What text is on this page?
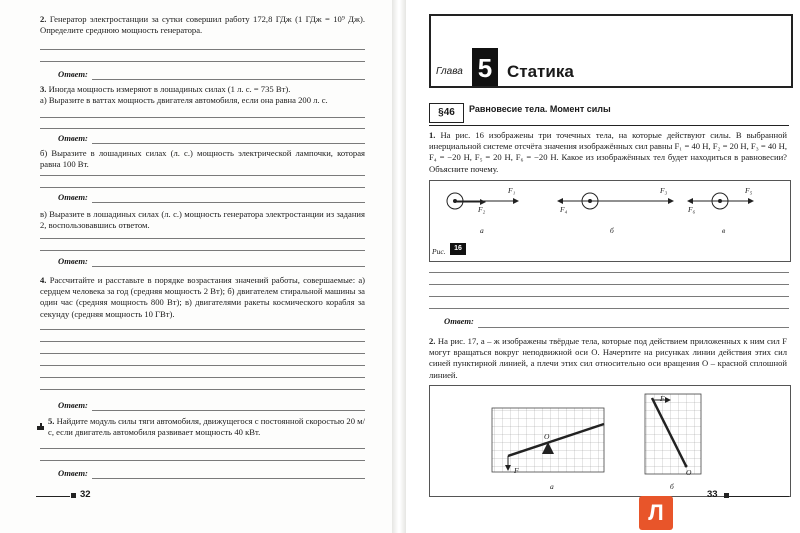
2. Генератор электростанции за сутки совершил работу 172,8 ГДж (1 ГДж = 10⁹ Дж). Определите среднюю мощность генератора.
Ответ:
3. Иногда мощность измеряют в лошадиных силах (1 л. с. = 735 Вт).
а) Выразите в ваттах мощность двигателя автомобиля, если она равна 200 л. с.
Ответ:
б) Выразите в лошадиных силах (л. с.) мощность электрической лампочки, которая равна 100 Вт.
Ответ:
в) Выразите в лошадиных силах (л. с.) мощность генератора электростанции из задания 2, воспользовавшись ответом.
Ответ:
4. Рассчитайте и расставьте в порядке возрастания значений работы, совершаемые: а) сердцем человека за год (средняя мощность 2 Вт); б) двигателем стиральной машины за один час (средняя мощность 800 Вт); в) двигателями ракеты космического корабля за секунду (средняя мощность 10 ГВт).
Ответ:
5. Найдите модуль силы тяги автомобиля, движущегося с постоянной скоростью 20 м/с, если двигатель автомобиля развивает мощность 40 кВт.
Ответ:
32
Глава 5 Статика
§46	Равновесие тела. Момент силы
1. На рис. 16 изображены три точечных тела, на которые действуют силы. В выбранной инерциальной системе отсчёта значения изображённых сил равны F₁ = 40 Н, F₂ = 20 Н, F₃ = 40 Н, F₄ = −20 Н, F₅ = 20 Н, F₆ = −20 Н. Какое из изображённых тел будет находиться в равновесии? Объясните почему.
F₁
F₂
F₃
F₄
F₅
F₆
а	б	в
Рис.	16
Ответ:
2. На рис. 17, а – ж изображены твёрдые тела, которые под действием приложенных к ним сил F могут вращаться вокруг неподвижной оси O. Начертите на рисунках линии действия этих сил синей пунктирной линией, а плечи этих сил относительно оси вращения O – красной сплошной линией.
F
O
F
O
а	б
33
Л
